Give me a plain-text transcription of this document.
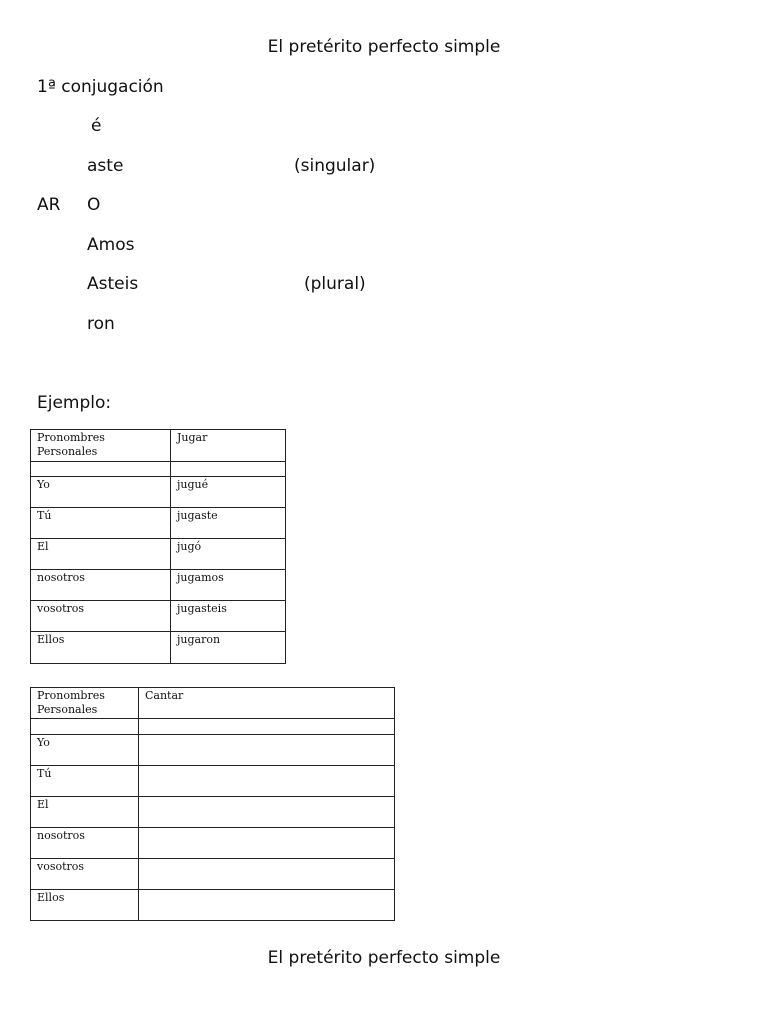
El pretérito perfecto simple
1ª conjugación
é
aste	(singular)
AR O
Amos
Asteis	(plural)
ron
Ejemplo:
Pronombres
Personales	Jugar

Yo	jugué
Tú	jugaste
El	jugó
nosotros	jugamos
vosotros	jugasteis
Ellos	jugaron
Pronombres
Personales	Cantar

Yo	
Tú	
El	
nosotros	
vosotros	
Ellos	
El pretérito perfecto simple
